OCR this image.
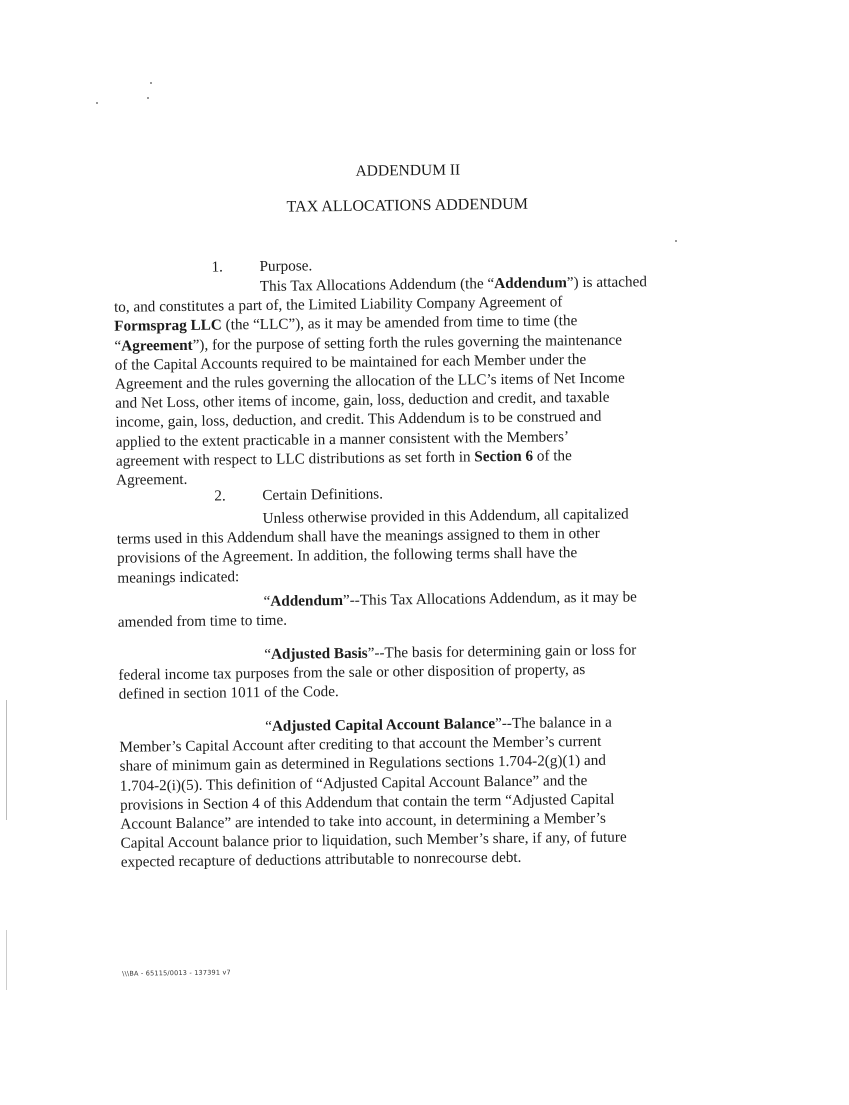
ADDENDUM II
TAX ALLOCATIONS ADDENDUM
1. Purpose.
This Tax Allocations Addendum (the “Addendum”) is attached
to, and constitutes a part of, the Limited Liability Company Agreement of
Formsprag LLC (the “LLC”), as it may be amended from time to time (the
“Agreement”), for the purpose of setting forth the rules governing the maintenance
of the Capital Accounts required to be maintained for each Member under the
Agreement and the rules governing the allocation of the LLC’s items of Net Income
and Net Loss, other items of income, gain, loss, deduction and credit, and taxable
income, gain, loss, deduction, and credit. This Addendum is to be construed and
applied to the extent practicable in a manner consistent with the Members’
agreement with respect to LLC distributions as set forth in Section 6 of the
Agreement.
2. Certain Definitions.
Unless otherwise provided in this Addendum, all capitalized
terms used in this Addendum shall have the meanings assigned to them in other
provisions of the Agreement. In addition, the following terms shall have the
meanings indicated:
“Addendum”--This Tax Allocations Addendum, as it may be
amended from time to time.
“Adjusted Basis”--The basis for determining gain or loss for
federal income tax purposes from the sale or other disposition of property, as
defined in section 1011 of the Code.
“Adjusted Capital Account Balance”--The balance in a
Member’s Capital Account after crediting to that account the Member’s current
share of minimum gain as determined in Regulations sections 1.704-2(g)(1) and
1.704-2(i)(5). This definition of “Adjusted Capital Account Balance” and the
provisions in Section 4 of this Addendum that contain the term “Adjusted Capital
Account Balance” are intended to take into account, in determining a Member’s
Capital Account balance prior to liquidation, such Member’s share, if any, of future
expected recapture of deductions attributable to nonrecourse debt.
\\\BA - 65115/0013 - 137391 v7
